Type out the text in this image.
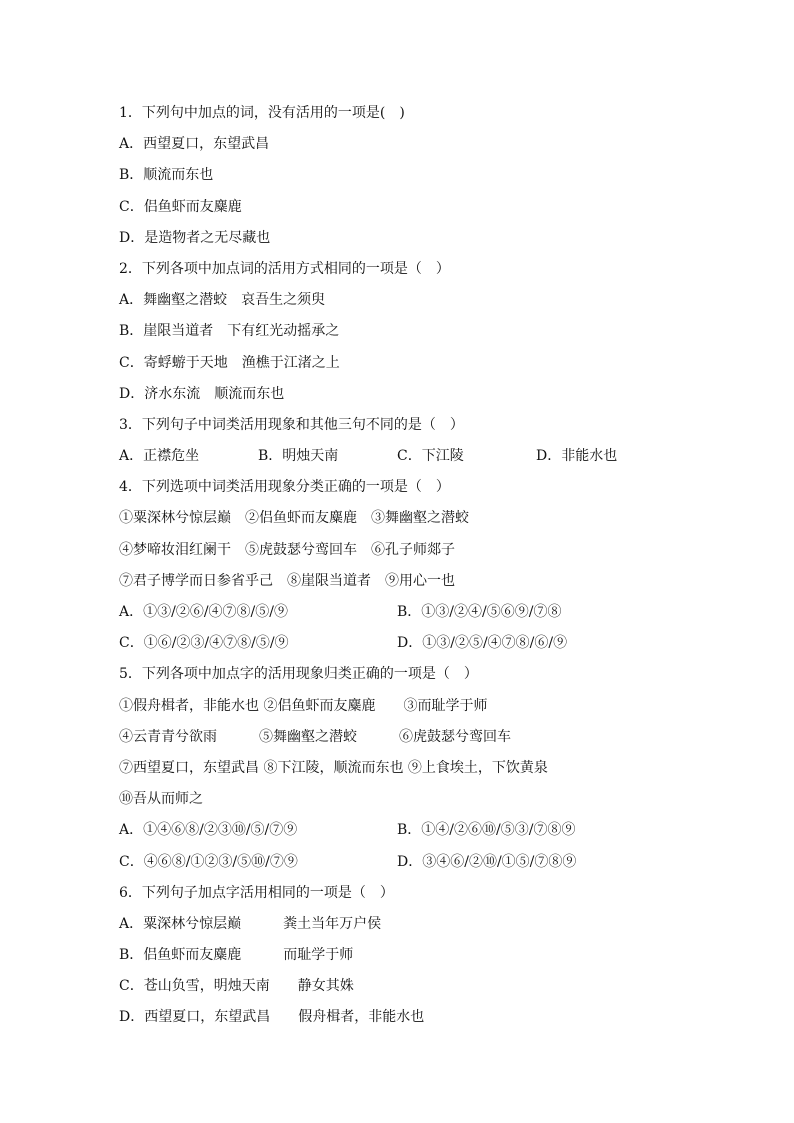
1．下列句中加点的词，没有活用的一项是(　)
A．西望夏口，东望武昌
B．顺流而东也
C．侣鱼虾而友麋鹿
D．是造物者之无尽藏也
2．下列各项中加点词的活用方式相同的一项是（　）
A．舞幽壑之潜蛟　哀吾生之须臾
B．崖限当道者　下有红光动摇承之
C．寄蜉蝣于天地　渔樵于江渚之上
D．济水东流　顺流而东也
3．下列句子中词类活用现象和其他三句不同的是（　）
A．正襟危坐	B．明烛天南	C．下江陵	D．非能水也
4．下列选项中词类活用现象分类正确的一项是（　）
①粟深林兮惊层巅　②侣鱼虾而友麋鹿　③舞幽壑之潜蛟
④梦啼妆泪红阑干　⑤虎鼓瑟兮鸾回车　⑥孔子师郯子
⑦君子博学而日参省乎己　⑧崖限当道者　⑨用心一也
A．①③/②⑥/④⑦⑧/⑤/⑨	B．①③/②④/⑤⑥⑨/⑦⑧
C．①⑥/②③/④⑦⑧/⑤/⑨	D．①③/②⑤/④⑦⑧/⑥/⑨
5．下列各项中加点字的活用现象归类正确的一项是（　）
①假舟楫者，非能水也 ②侣鱼虾而友麋鹿　　③而耻学于师
④云青青兮欲雨　　　⑤舞幽壑之潜蛟　　　⑥虎鼓瑟兮鸾回车
⑦西望夏口，东望武昌 ⑧下江陵，顺流而东也 ⑨上食埃土，下饮黄泉
⑩吾从而师之
A．①④⑥⑧/②③⑩/⑤/⑦⑨	B．①④/②⑥⑩/⑤③/⑦⑧⑨
C．④⑥⑧/①②③/⑤⑩/⑦⑨	D．③④⑥/②⑩/①⑤/⑦⑧⑨
6．下列句子加点字活用相同的一项是（　）
A．粟深林兮惊层巅　　　粪土当年万户侯
B．侣鱼虾而友麋鹿　　　而耻学于师
C．苍山负雪，明烛天南　　静女其姝
D．西望夏口，东望武昌　　假舟楫者，非能水也
